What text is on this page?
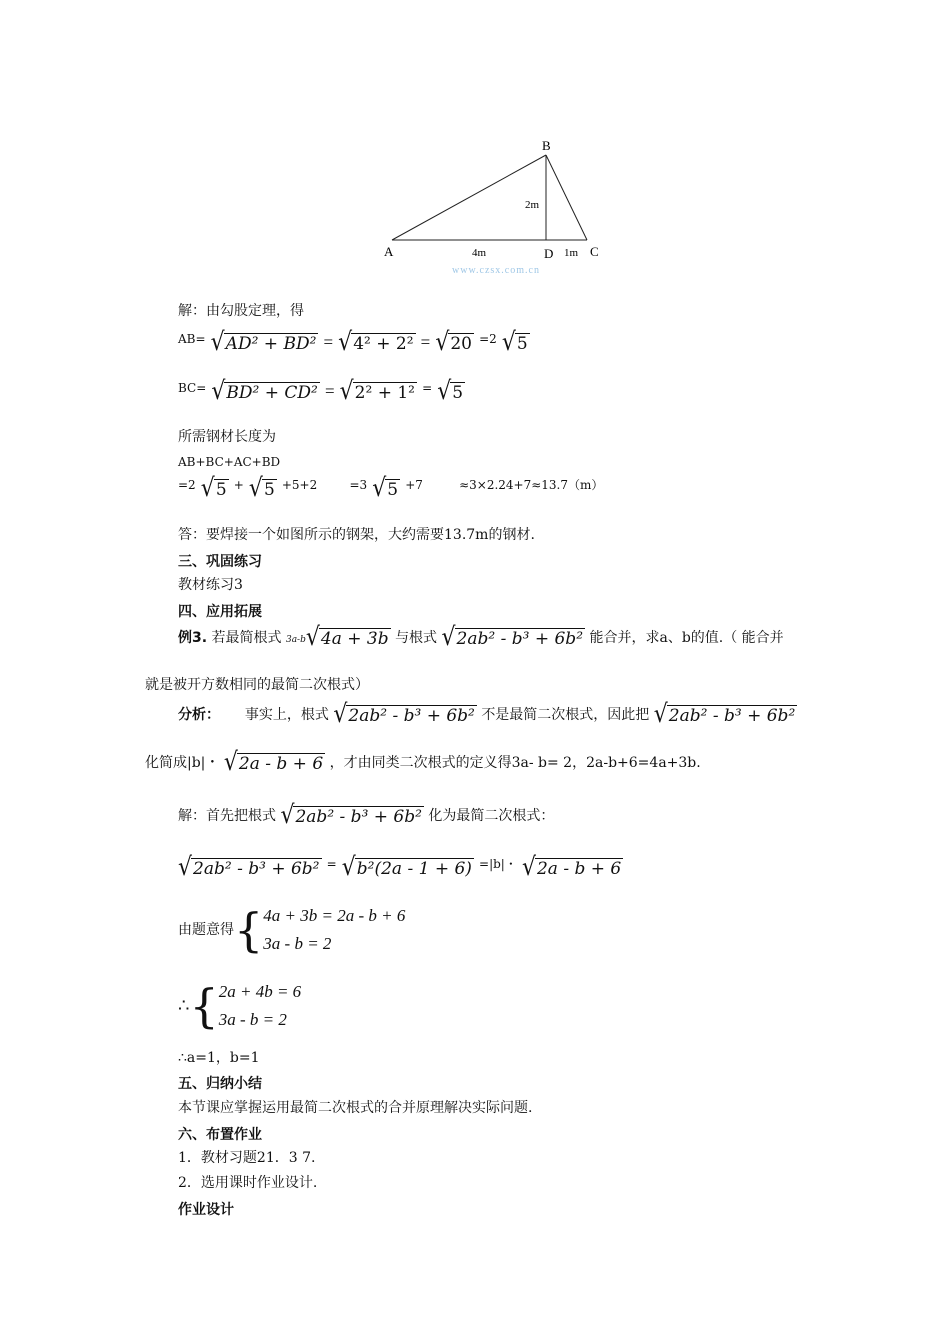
B
A	D	C
2m
4m	1m
www.czsx.com.cn
解：由勾股定理，得
$^{AB=}$ √ AD² + BD² = √ 4² + 2² = √ 20 $^{=2}$ √ 5
$^{BC=}$ √ BD² + CD² = √ 2² + 1² = √ 5
所需钢材长度为
AB+BC+AC+BD
$^{=2}$ √ 5 + √ 5 $^{+5+2}$	$^{=3}$ √ 5 $^{+7}$	$^{\approx 3\times 2.24+7\approx 13.7(m)}$
答：要焊接一个如图所示的钢架，大约需要13.7m的钢材.
三、巩固练习
教材练习3
四、应用拓展
例3. 若最简根式 3a-b √ 4a + 3b 与根式 √ 2ab² - b³ + 6b² 能合并，求a、b的值.（ 能合并
就是被开方数相同的最简二次根式）
分析： 事实上，根式 √ 2ab² - b³ + 6b² 不是最简二次根式，因此把 √ 2ab² - b³ + 6b²
化简成|b|・ √ 2a - b + 6 ，才由同类二次根式的定义得3a- b= 2，2a-b+6=4a+3b.
解：首先把根式 √ 2ab² - b³ + 6b² 化为最简二次根式：
√ 2ab² - b³ + 6b² = √ b²(2a - 1 + 6) $^{=|b|・}$ √ 2a - b + 6
由题意得{ 4a + 3b = 2a - b + 6
3a - b = 2
∴{ 2a + 4b = 6
3a - b = 2
∴a=1，b=1
五、归纳小结
本节课应掌握运用最简二次根式的合并原理解决实际问题.
六、布置作业
1．教材习题21．3 7.
2．选用课时作业设计.
作业设计
